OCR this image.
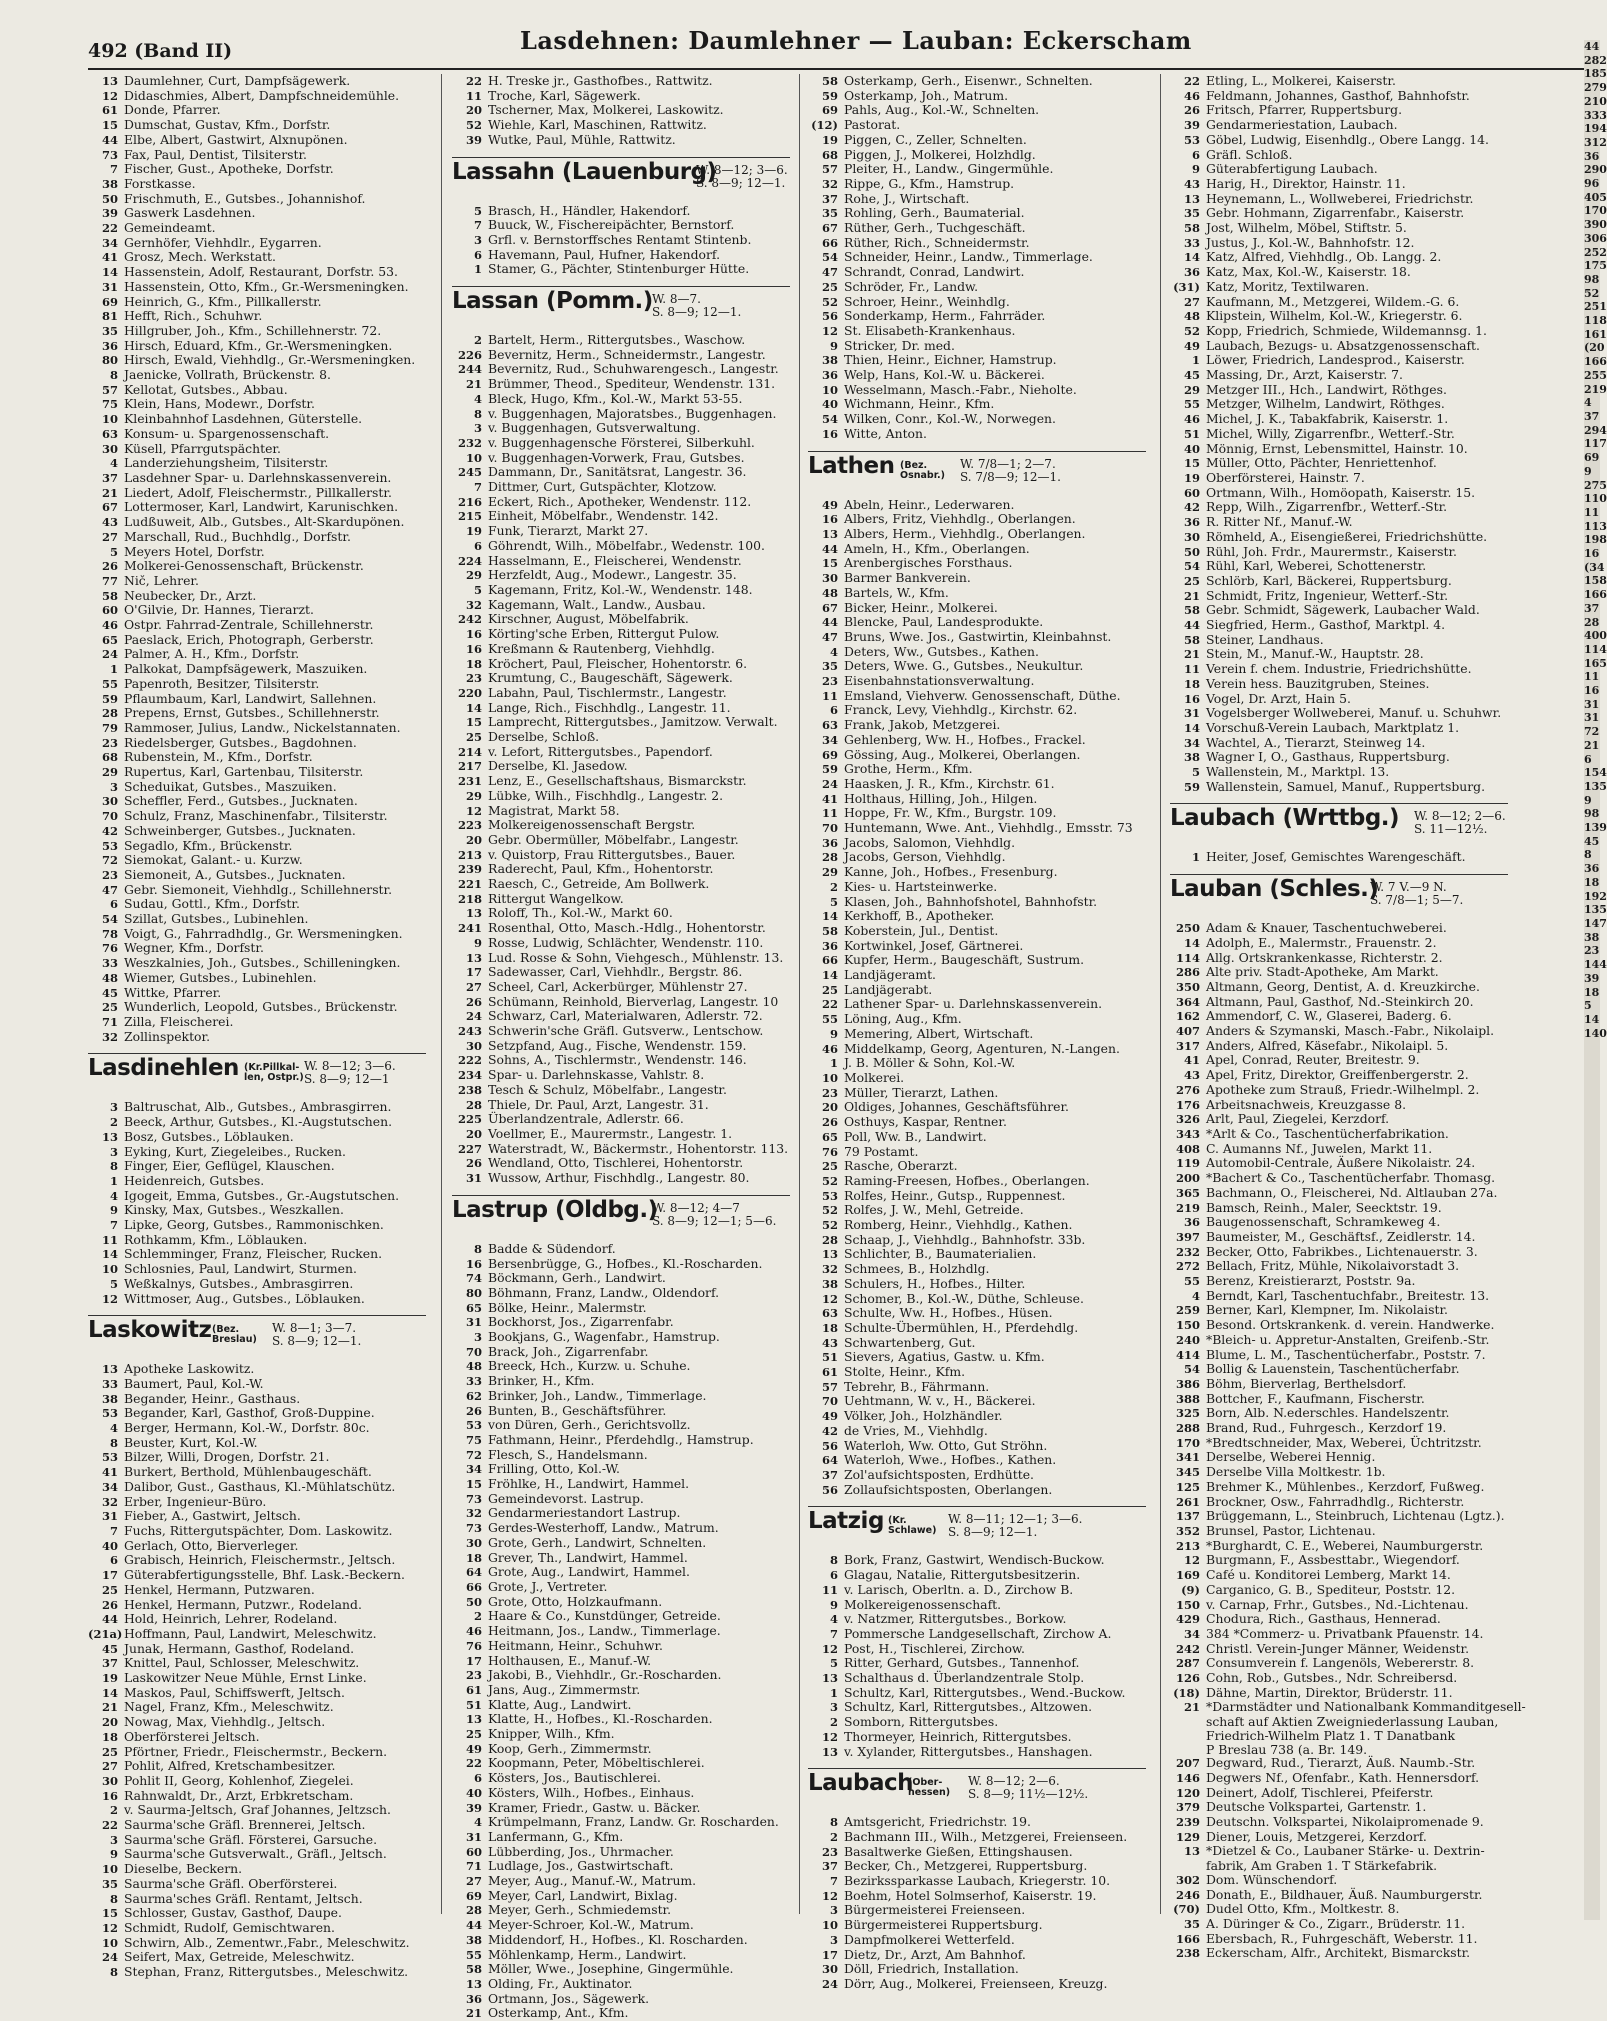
492 (Band II)	Lasdehnen: Daumlehner — Lauban: Eckerscham
13 Daumlehner, Curt, Dampfsägewerk.
12 Didaschmies, Albert, Dampfschneidemühle.
61 Donde, Pfarrer.
15 Dumschat, Gustav, Kfm., Dorfstr.
44 Elbe, Albert, Gastwirt, Alxnupönen.
73 Fax, Paul, Dentist, Tilsiterstr.
7 Fischer, Gust., Apotheke, Dorfstr.
38 Forstkasse.
50 Frischmuth, E., Gutsbes., Johannishof.
39 Gaswerk Lasdehnen.
22 Gemeindeamt.
34 Gernhöfer, Viehhdlr., Eygarren.
41 Grosz, Mech. Werkstatt.
14 Hassenstein, Adolf, Restaurant, Dorfstr. 53.
31 Hassenstein, Otto, Kfm., Gr.-Wersmeningken.
69 Heinrich, G., Kfm., Pillkallerstr.
81 Hefft, Rich., Schuhwr.
35 Hillgruber, Joh., Kfm., Schillehnerstr. 72.
36 Hirsch, Eduard, Kfm., Gr.-Wersmeningken.
80 Hirsch, Ewald, Viehhdlg., Gr.-Wersmeningken.
8 Jaenicke, Vollrath, Brückenstr. 8.
57 Kellotat, Gutsbes., Abbau.
75 Klein, Hans, Modewr., Dorfstr.
10 Kleinbahnhof Lasdehnen, Güterstelle.
63 Konsum- u. Spargenossenschaft.
30 Küsell, Pfarrgutspächter.
4 Landerziehungsheim, Tilsiterstr.
37 Lasdehner Spar- u. Darlehnskassenverein.
21 Liedert, Adolf, Fleischermstr., Pillkallerstr.
67 Lottermoser, Karl, Landwirt, Karunischken.
43 Ludßuweit, Alb., Gutsbes., Alt-Skardupönen.
27 Marschall, Rud., Buchhdlg., Dorfstr.
5 Meyers Hotel, Dorfstr.
26 Molkerei-Genossenschaft, Brückenstr.
77 Nič, Lehrer.
58 Neubecker, Dr., Arzt.
60 O'Gilvie, Dr. Hannes, Tierarzt.
46 Ostpr. Fahrrad-Zentrale, Schillehnerstr.
65 Paeslack, Erich, Photograph, Gerberstr.
24 Palmer, A. H., Kfm., Dorfstr.
1 Palkokat, Dampfsägewerk, Maszuiken.
55 Papenroth, Besitzer, Tilsiterstr.
59 Pflaumbaum, Karl, Landwirt, Sallehnen.
28 Prepens, Ernst, Gutsbes., Schillehnerstr.
79 Rammoser, Julius, Landw., Nickelstannaten.
23 Riedelsberger, Gutsbes., Bagdohnen.
68 Rubenstein, M., Kfm., Dorfstr.
29 Rupertus, Karl, Gartenbau, Tilsiterstr.
3 Scheduikat, Gutsbes., Maszuiken.
30 Scheffler, Ferd., Gutsbes., Jucknaten.
70 Schulz, Franz, Maschinenfabr., Tilsiterstr.
42 Schweinberger, Gutsbes., Jucknaten.
53 Segadlo, Kfm., Brückenstr.
72 Siemokat, Galant.- u. Kurzw.
23 Siemoneit, A., Gutsbes., Jucknaten.
47 Gebr. Siemoneit, Viehhdlg., Schillehnerstr.
6 Sudau, Gottl., Kfm., Dorfstr.
54 Szillat, Gutsbes., Lubinehlen.
78 Voigt, G., Fahrradhdlg., Gr. Wersmeningken.
76 Wegner, Kfm., Dorfstr.
33 Weszkalnies, Joh., Gutsbes., Schilleningken.
48 Wiemer, Gutsbes., Lubinehlen.
45 Wittke, Pfarrer.
25 Wunderlich, Leopold, Gutsbes., Brückenstr.
71 Zilla, Fleischerei.
32 Zollinspektor.
Lasdinehlen (Kr.Pillkal-
len, Ostpr.)
W. 8—12; 3—6.
S. 8—9; 12—1
3 Baltruschat, Alb., Gutsbes., Ambrasgirren.
2 Beeck, Arthur, Gutsbes., Kl.-Augstutschen.
13 Bosz, Gutsbes., Löblauken.
3 Eyking, Kurt, Ziegeleibes., Rucken.
8 Finger, Eier, Geflügel, Klauschen.
1 Heidenreich, Gutsbes.
4 Igogeit, Emma, Gutsbes., Gr.-Augstutschen.
9 Kinsky, Max, Gutsbes., Weszkallen.
7 Lipke, Georg, Gutsbes., Rammonischken.
11 Rothkamm, Kfm., Löblauken.
14 Schlemminger, Franz, Fleischer, Rucken.
10 Schlosnies, Paul, Landwirt, Sturmen.
5 Weßkalnys, Gutsbes., Ambrasgirren.
12 Wittmoser, Aug., Gutsbes., Löblauken.
Laskowitz (Bez.
Breslau)
W. 8—1; 3—7.
S. 8—9; 12—1.
13 Apotheke Laskowitz.
33 Baumert, Paul, Kol.-W.
38 Begander, Heinr., Gasthaus.
53 Begander, Karl, Gasthof, Groß-Duppine.
4 Berger, Hermann, Kol.-W., Dorfstr. 80c.
8 Beuster, Kurt, Kol.-W.
53 Bilzer, Willi, Drogen, Dorfstr. 21.
41 Burkert, Berthold, Mühlenbaugeschäft.
34 Dalibor, Gust., Gasthaus, Kl.-Mühlatschütz.
32 Erber, Ingenieur-Büro.
31 Fieber, A., Gastwirt, Jeltsch.
7 Fuchs, Rittergutspächter, Dom. Laskowitz.
40 Gerlach, Otto, Bierverleger.
6 Grabisch, Heinrich, Fleischermstr., Jeltsch.
17 Güterabfertigungsstelle, Bhf. Lask.-Beckern.
25 Henkel, Hermann, Putzwaren.
26 Henkel, Hermann, Putzwr., Rodeland.
44 Hold, Heinrich, Lehrer, Rodeland.
(21a) Hoffmann, Paul, Landwirt, Meleschwitz.
45 Junak, Hermann, Gasthof, Rodeland.
37 Knittel, Paul, Schlosser, Meleschwitz.
19 Laskowitzer Neue Mühle, Ernst Linke.
14 Maskos, Paul, Schiffswerft, Jeltsch.
21 Nagel, Franz, Kfm., Meleschwitz.
20 Nowag, Max, Viehhdlg., Jeltsch.
18 Oberförsterei Jeltsch.
25 Pförtner, Friedr., Fleischermstr., Beckern.
27 Pohlit, Alfred, Kretschambesitzer.
30 Pohlit II, Georg, Kohlenhof, Ziegelei.
16 Rahnwaldt, Dr., Arzt, Erbkretscham.
2 v. Saurma-Jeltsch, Graf Johannes, Jeltzsch.
22 Saurma'sche Gräfl. Brennerei, Jeltsch.
3 Saurma'sche Gräfl. Försterei, Garsuche.
9 Saurma'sche Gutsverwalt., Gräfl., Jeltsch.
10 Dieselbe, Beckern.
35 Saurma'sche Gräfl. Oberförsterei.
8 Saurma'sches Gräfl. Rentamt, Jeltsch.
15 Schlosser, Gustav, Gasthof, Daupe.
12 Schmidt, Rudolf, Gemischtwaren.
10 Schwirn, Alb., Zementwr.,Fabr., Meleschwitz.
24 Seifert, Max, Getreide, Meleschwitz.
8 Stephan, Franz, Rittergutsbes., Meleschwitz.
22 H. Treske jr., Gasthofbes., Rattwitz.
11 Troche, Karl, Sägewerk.
20 Tscherner, Max, Molkerei, Laskowitz.
52 Wiehle, Karl, Maschinen, Rattwitz.
39 Wutke, Paul, Mühle, Rattwitz.
Lassahn (Lauenburg)
W. 8—12; 3—6.
S. 8—9; 12—1.
5 Brasch, H., Händler, Hakendorf.
7 Buuck, W., Fischereipächter, Bernstorf.
3 Grfl. v. Bernstorffsches Rentamt Stintenb.
6 Havemann, Paul, Hufner, Hakendorf.
1 Stamer, G., Pächter, Stintenburger Hütte.
Lassan (Pomm.) W. 8—7.
S. 8—9; 12—1.
2 Bartelt, Herm., Rittergutsbes., Waschow.
226 Bevernitz, Herm., Schneidermstr., Langestr.
244 Bevernitz, Rud., Schuhwarengesch., Langestr.
21 Brümmer, Theod., Spediteur, Wendenstr. 131.
4 Bleck, Hugo, Kfm., Kol.-W., Markt 53-55.
8 v. Buggenhagen, Majoratsbes., Buggenhagen.
3 v. Buggenhagen, Gutsverwaltung.
232 v. Buggenhagensche Försterei, Silberkuhl.
10 v. Buggenhagen-Vorwerk, Frau, Gutsbes.
245 Dammann, Dr., Sanitätsrat, Langestr. 36.
7 Dittmer, Curt, Gutspächter, Klotzow.
216 Eckert, Rich., Apotheker, Wendenstr. 112.
215 Einheit, Möbelfabr., Wendenstr. 142.
19 Funk, Tierarzt, Markt 27.
6 Göhrendt, Wilh., Möbelfabr., Wedenstr. 100.
224 Hasselmann, E., Fleischerei, Wendenstr.
29 Herzfeldt, Aug., Modewr., Langestr. 35.
5 Kagemann, Fritz, Kol.-W., Wendenstr. 148.
32 Kagemann, Walt., Landw., Ausbau.
242 Kirschner, August, Möbelfabrik.
16 Körting'sche Erben, Rittergut Pulow.
16 Kreßmann & Rautenberg, Viehhdlg.
18 Kröchert, Paul, Fleischer, Hohentorstr. 6.
23 Krumtung, C., Baugeschäft, Sägewerk.
220 Labahn, Paul, Tischlermstr., Langestr.
14 Lange, Rich., Fischhdlg., Langestr. 11.
15 Lamprecht, Rittergutsbes., Jamitzow. Verwalt.
25 Derselbe, Schloß.
214 v. Lefort, Rittergutsbes., Papendorf.
217 Derselbe, Kl. Jasedow.
231 Lenz, E., Gesellschaftshaus, Bismarckstr.
29 Lübke, Wilh., Fischhdlg., Langestr. 2.
12 Magistrat, Markt 58.
223 Molkereigenossenschaft Bergstr.
20 Gebr. Obermüller, Möbelfabr., Langestr.
213 v. Quistorp, Frau Rittergutsbes., Bauer.
239 Raderecht, Paul, Kfm., Hohentorstr.
221 Raesch, C., Getreide, Am Bollwerk.
218 Rittergut Wangelkow.
13 Roloff, Th., Kol.-W., Markt 60.
241 Rosenthal, Otto, Masch.-Hdlg., Hohentorstr.
9 Rosse, Ludwig, Schlächter, Wendenstr. 110.
13 Lud. Rosse & Sohn, Viehgesch., Mühlenstr. 13.
17 Sadewasser, Carl, Viehhdlr., Bergstr. 86.
27 Scheel, Carl, Ackerbürger, Mühlenstr 27.
26 Schümann, Reinhold, Bierverlag, Langestr. 10
24 Schwarz, Carl, Materialwaren, Adlerstr. 72.
243 Schwerin'sche Gräfl. Gutsverw., Lentschow.
30 Setzpfand, Aug., Fische, Wendenstr. 159.
222 Sohns, A., Tischlermstr., Wendenstr. 146.
234 Spar- u. Darlehnskasse, Vahlstr. 8.
238 Tesch & Schulz, Möbelfabr., Langestr.
28 Thiele, Dr. Paul, Arzt, Langestr. 31.
225 Überlandzentrale, Adlerstr. 66.
20 Voellmer, E., Maurermstr., Langestr. 1.
227 Waterstradt, W., Bäckermstr., Hohentorstr. 113.
26 Wendland, Otto, Tischlerei, Hohentorstr.
31 Wussow, Arthur, Fischhdlg., Langestr. 80.
Lastrup (Oldbg.)
W. 8—12; 4—7
S. 8—9; 12—1; 5—6.
8 Badde & Südendorf.
16 Bersenbrügge, G., Hofbes., Kl.-Roscharden.
74 Böckmann, Gerh., Landwirt.
80 Böhmann, Franz, Landw., Oldendorf.
65 Bölke, Heinr., Malermstr.
31 Bockhorst, Jos., Zigarrenfabr.
3 Bookjans, G., Wagenfabr., Hamstrup.
70 Brack, Joh., Zigarrenfabr.
48 Breeck, Hch., Kurzw. u. Schuhe.
33 Brinker, H., Kfm.
62 Brinker, Joh., Landw., Timmerlage.
26 Bunten, B., Geschäftsführer.
53 von Düren, Gerh., Gerichtsvollz.
75 Fathmann, Heinr., Pferdehdlg., Hamstrup.
72 Flesch, S., Handelsmann.
34 Frilling, Otto, Kol.-W.
15 Fröhlke, H., Landwirt, Hammel.
73 Gemeindevorst. Lastrup.
32 Gendarmeriestandort Lastrup.
73 Gerdes-Westerhoff, Landw., Matrum.
30 Grote, Gerh., Landwirt, Schnelten.
18 Grever, Th., Landwirt, Hammel.
64 Grote, Aug., Landwirt, Hammel.
66 Grote, J., Vertreter.
50 Grote, Otto, Holzkaufmann.
2 Haare & Co., Kunstdünger, Getreide.
46 Heitmann, Jos., Landw., Timmerlage.
76 Heitmann, Heinr., Schuhwr.
17 Holthausen, E., Manuf.-W.
23 Jakobi, B., Viehhdlr., Gr.-Roscharden.
61 Jans, Aug., Zimmermstr.
51 Klatte, Aug., Landwirt.
13 Klatte, H., Hofbes., Kl.-Roscharden.
25 Knipper, Wilh., Kfm.
49 Koop, Gerh., Zimmermstr.
22 Koopmann, Peter, Möbeltischlerei.
6 Kösters, Jos., Bautischlerei.
40 Kösters, Wilh., Hofbes., Einhaus.
39 Kramer, Friedr., Gastw. u. Bäcker.
4 Krümpelmann, Franz, Landw. Gr. Roscharden.
31 Lanfermann, G., Kfm.
60 Lübberding, Jos., Uhrmacher.
71 Ludlage, Jos., Gastwirtschaft.
27 Meyer, Aug., Manuf.-W., Matrum.
69 Meyer, Carl, Landwirt, Bixlag.
28 Meyer, Gerh., Schmiedemstr.
44 Meyer-Schroer, Kol.-W., Matrum.
38 Middendorf, H., Hofbes., Kl. Roscharden.
55 Möhlenkamp, Herm., Landwirt.
58 Möller, Wwe., Josephine, Gingermühle.
13 Olding, Fr., Auktinator.
36 Ortmann, Jos., Sägewerk.
21 Osterkamp, Ant., Kfm.
58 Osterkamp, Gerh., Eisenwr., Schnelten.
59 Osterkamp, Joh., Matrum.
69 Pahls, Aug., Kol.-W., Schnelten.
(12) Pastorat.
19 Piggen, C., Zeller, Schnelten.
68 Piggen, J., Molkerei, Holzhdlg.
57 Pleiter, H., Landw., Gingermühle.
32 Rippe, G., Kfm., Hamstrup.
37 Rohe, J., Wirtschaft.
35 Rohling, Gerh., Baumaterial.
67 Rüther, Gerh., Tuchgeschäft.
66 Rüther, Rich., Schneidermstr.
54 Schneider, Heinr., Landw., Timmerlage.
47 Schrandt, Conrad, Landwirt.
25 Schröder, Fr., Landw.
52 Schroer, Heinr., Weinhdlg.
56 Sonderkamp, Herm., Fahrräder.
12 St. Elisabeth-Krankenhaus.
9 Stricker, Dr. med.
38 Thien, Heinr., Eichner, Hamstrup.
36 Welp, Hans, Kol.-W. u. Bäckerei.
10 Wesselmann, Masch.-Fabr., Nieholte.
40 Wichmann, Heinr., Kfm.
54 Wilken, Conr., Kol.-W., Norwegen.
16 Witte, Anton.
Lathen (Bez.
Osnabr.)
W. 7/8—1; 2—7.
S. 7/8—9; 12—1.
49 Abeln, Heinr., Lederwaren.
16 Albers, Fritz, Viehhdlg., Oberlangen.
13 Albers, Herm., Viehhdlg., Oberlangen.
44 Ameln, H., Kfm., Oberlangen.
15 Arenbergisches Forsthaus.
30 Barmer Bankverein.
48 Bartels, W., Kfm.
67 Bicker, Heinr., Molkerei.
44 Blencke, Paul, Landesprodukte.
47 Bruns, Wwe. Jos., Gastwirtin, Kleinbahnst.
4 Deters, Ww., Gutsbes., Kathen.
35 Deters, Wwe. G., Gutsbes., Neukultur.
23 Eisenbahnstationsverwaltung.
11 Emsland, Viehverw. Genossenschaft, Düthe.
6 Franck, Levy, Viehhdlg., Kirchstr. 62.
63 Frank, Jakob, Metzgerei.
34 Gehlenberg, Ww. H., Hofbes., Frackel.
69 Gössing, Aug., Molkerei, Oberlangen.
59 Grothe, Herm., Kfm.
24 Haasken, J. R., Kfm., Kirchstr. 61.
41 Holthaus, Hilling, Joh., Hilgen.
11 Hoppe, Fr. W., Kfm., Burgstr. 109.
70 Huntemann, Wwe. Ant., Viehhdlg., Emsstr. 73
36 Jacobs, Salomon, Viehhdlg.
28 Jacobs, Gerson, Viehhdlg.
29 Kanne, Joh., Hofbes., Fresenburg.
2 Kies- u. Hartsteinwerke.
5 Klasen, Joh., Bahnhofshotel, Bahnhofstr.
14 Kerkhoff, B., Apotheker.
58 Koberstein, Jul., Dentist.
36 Kortwinkel, Josef, Gärtnerei.
66 Kupfer, Herm., Baugeschäft, Sustrum.
14 Landjägeramt.
25 Landjägerabt.
22 Lathener Spar- u. Darlehnskassenverein.
55 Löning, Aug., Kfm.
9 Memering, Albert, Wirtschaft.
46 Middelkamp, Georg, Agenturen, N.-Langen.
1 J. B. Möller & Sohn, Kol.-W.
10 Molkerei.
23 Müller, Tierarzt, Lathen.
20 Oldiges, Johannes, Geschäftsführer.
26 Osthuys, Kaspar, Rentner.
65 Poll, Ww. B., Landwirt.
76 79 Postamt.
25 Rasche, Oberarzt.
52 Raming-Freesen, Hofbes., Oberlangen.
53 Rolfes, Heinr., Gutsp., Ruppennest.
52 Rolfes, J. W., Mehl, Getreide.
52 Romberg, Heinr., Viehhdlg., Kathen.
28 Schaap, J., Viehhdlg., Bahnhofstr. 33b.
13 Schlichter, B., Baumaterialien.
32 Schmees, B., Holzhdlg.
38 Schulers, H., Hofbes., Hilter.
12 Schomer, B., Kol.-W., Düthe, Schleuse.
63 Schulte, Ww. H., Hofbes., Hüsen.
18 Schulte-Übermühlen, H., Pferdehdlg.
43 Schwartenberg, Gut.
51 Sievers, Agatius, Gastw. u. Kfm.
61 Stolte, Heinr., Kfm.
57 Tebrehr, B., Fährmann.
70 Uehtmann, W. v., H., Bäckerei.
49 Völker, Joh., Holzhändler.
42 de Vries, M., Viehhdlg.
56 Waterloh, Ww. Otto, Gut Ströhn.
64 Waterloh, Wwe., Hofbes., Kathen.
37 Zol'aufsichtsposten, Erdhütte.
56 Zollaufsichtsposten, Oberlangen.
Latzig (Kr.
Schlawe)
W. 8—11; 12—1; 3—6.
S. 8—9; 12—1.
8 Bork, Franz, Gastwirt, Wendisch-Buckow.
6 Glagau, Natalie, Rittergutsbesitzerin.
11 v. Larisch, Oberltn. a. D., Zirchow B.
9 Molkereigenossenschaft.
4 v. Natzmer, Rittergutsbes., Borkow.
7 Pommersche Landgesellschaft, Zirchow A.
12 Post, H., Tischlerei, Zirchow.
5 Ritter, Gerhard, Gutsbes., Tannenhof.
13 Schalthaus d. Überlandzentrale Stolp.
1 Schultz, Karl, Rittergutsbes., Wend.-Buckow.
3 Schultz, Karl, Rittergutsbes., Altzowen.
2 Somborn, Rittergutsbes.
12 Thormeyer, Heinrich, Rittergutsbes.
13 v. Xylander, Rittergutsbes., Hanshagen.
Laubach
(Ober-
hessen)
W. 8—12; 2—6.
S. 8—9; 11½—12½.
8 Amtsgericht, Friedrichstr. 19.
2 Bachmann III., Wilh., Metzgerei, Freienseen.
23 Basaltwerke Gießen, Ettingshausen.
37 Becker, Ch., Metzgerei, Ruppertsburg.
7 Bezirkssparkasse Laubach, Kriegerstr. 10.
12 Boehm, Hotel Solmserhof, Kaiserstr. 19.
3 Bürgermeisterei Freienseen.
10 Bürgermeisterei Ruppertsburg.
3 Dampfmolkerei Wetterfeld.
17 Dietz, Dr., Arzt, Am Bahnhof.
30 Döll, Friedrich, Installation.
24 Dörr, Aug., Molkerei, Freienseen, Kreuzg.
22 Etling, L., Molkerei, Kaiserstr.
46 Feldmann, Johannes, Gasthof, Bahnhofstr.
26 Fritsch, Pfarrer, Ruppertsburg.
39 Gendarmeriestation, Laubach.
53 Göbel, Ludwig, Eisenhdlg., Obere Langg. 14.
6 Gräfl. Schloß.
9 Güterabfertigung Laubach.
43 Harig, H., Direktor, Hainstr. 11.
13 Heynemann, L., Wollweberei, Friedrichstr.
35 Gebr. Hohmann, Zigarrenfabr., Kaiserstr.
58 Jost, Wilhelm, Möbel, Stiftstr. 5.
33 Justus, J., Kol.-W., Bahnhofstr. 12.
14 Katz, Alfred, Viehhdlg., Ob. Langg. 2.
36 Katz, Max, Kol.-W., Kaiserstr. 18.
(31) Katz, Moritz, Textilwaren.
27 Kaufmann, M., Metzgerei, Wildem.-G. 6.
48 Klipstein, Wilhelm, Kol.-W., Kriegerstr. 6.
52 Kopp, Friedrich, Schmiede, Wildemannsg. 1.
49 Laubach, Bezugs- u. Absatzgenossenschaft.
1 Löwer, Friedrich, Landesprod., Kaiserstr.
45 Massing, Dr., Arzt, Kaiserstr. 7.
29 Metzger III., Hch., Landwirt, Röthges.
55 Metzger, Wilhelm, Landwirt, Röthges.
46 Michel, J. K., Tabakfabrik, Kaiserstr. 1.
51 Michel, Willy, Zigarrenfbr., Wetterf.-Str.
40 Mönnig, Ernst, Lebensmittel, Hainstr. 10.
15 Müller, Otto, Pächter, Henriettenhof.
19 Oberförsterei, Hainstr. 7.
60 Ortmann, Wilh., Homöopath, Kaiserstr. 15.
42 Repp, Wilh., Zigarrenfbr., Wetterf.-Str.
36 R. Ritter Nf., Manuf.-W.
30 Römheld, A., Eisengießerei, Friedrichshütte.
50 Rühl, Joh. Frdr., Maurermstr., Kaiserstr.
54 Rühl, Karl, Weberei, Schottenerstr.
25 Schlörb, Karl, Bäckerei, Ruppertsburg.
21 Schmidt, Fritz, Ingenieur, Wetterf.-Str.
58 Gebr. Schmidt, Sägewerk, Laubacher Wald.
44 Siegfried, Herm., Gasthof, Marktpl. 4.
58 Steiner, Landhaus.
21 Stein, M., Manuf.-W., Hauptstr. 28.
11 Verein f. chem. Industrie, Friedrichshütte.
18 Verein hess. Bauzitgruben, Steines.
16 Vogel, Dr. Arzt, Hain 5.
31 Vogelsberger Wollweberei, Manuf. u. Schuhwr.
14 Vorschuß-Verein Laubach, Marktplatz 1.
34 Wachtel, A., Tierarzt, Steinweg 14.
38 Wagner I, O., Gasthaus, Ruppertsburg.
5 Wallenstein, M., Marktpl. 13.
59 Wallenstein, Samuel, Manuf., Ruppertsburg.
Laubach (Wrttbg.) W. 8—12; 2—6.
S. 11—12½.
1 Heiter, Josef, Gemischtes Warengeschäft.
Lauban (Schles.)
W. 7 V.—9 N.
S. 7/8—1; 5—7.
250 Adam & Knauer, Taschentuchweberei.
14 Adolph, E., Malermstr., Frauenstr. 2.
114 Allg. Ortskrankenkasse, Richterstr. 2.
286 Alte priv. Stadt-Apotheke, Am Markt.
350 Altmann, Georg, Dentist, A. d. Kreuzkirche.
364 Altmann, Paul, Gasthof, Nd.-Steinkirch 20.
162 Ammendorf, C. W., Glaserei, Baderg. 6.
407 Anders & Szymanski, Masch.-Fabr., Nikolaipl.
317 Anders, Alfred, Käsefabr., Nikolaipl. 5.
41 Apel, Conrad, Reuter, Breitestr. 9.
43 Apel, Fritz, Direktor, Greiffenbergerstr. 2.
276 Apotheke zum Strauß, Friedr.-Wilhelmpl. 2.
176 Arbeitsnachweis, Kreuzgasse 8.
326 Arlt, Paul, Ziegelei, Kerzdorf.
343 *Arlt & Co., Taschentücherfabrikation.
408 C. Aumanns Nf., Juwelen, Markt 11.
119 Automobil-Centrale, Äußere Nikolaistr. 24.
200 *Bachert & Co., Taschentücherfabr. Thomasg.
365 Bachmann, O., Fleischerei, Nd. Altlauban 27a.
219 Bamsch, Reinh., Maler, Seecktstr. 19.
36 Baugenossenschaft, Schramkeweg 4.
397 Baumeister, M., Geschäftsf., Zeidlerstr. 14.
232 Becker, Otto, Fabrikbes., Lichtenauerstr. 3.
272 Bellach, Fritz, Mühle, Nikolaivorstadt 3.
55 Berenz, Kreistierarzt, Poststr. 9a.
4 Berndt, Karl, Taschentuchfabr., Breitestr. 13.
259 Berner, Karl, Klempner, Im. Nikolaistr.
150 Besond. Ortskrankenk. d. verein. Handwerke.
240 *Bleich- u. Appretur-Anstalten, Greifenb.-Str.
414 Blume, L. M., Taschentücherfabr., Poststr. 7.
54 Bollig & Lauenstein, Taschentücherfabr.
386 Böhm, Bierverlag, Berthelsdorf.
388 Bottcher, F., Kaufmann, Fischerstr.
325 Born, Alb. N.ederschles. Handelszentr.
288 Brand, Rud., Fuhrgesch., Kerzdorf 19.
170 *Bredtschneider, Max, Weberei, Üchtritzstr.
341 Derselbe, Weberei Hennig.
345 Derselbe Villa Moltkestr. 1b.
125 Brehmer K., Mühlenbes., Kerzdorf, Fußweg.
261 Brockner, Osw., Fahrradhdlg., Richterstr.
137 Brüggemann, L., Steinbruch, Lichtenau (Lgtz.).
352 Brunsel, Pastor, Lichtenau.
213 *Burghardt, C. E., Weberei, Naumburgerstr.
12 Burgmann, F., Assbesttabr., Wiegendorf.
169 Café u. Konditorei Lemberg, Markt 14.
(9) Carganico, G. B., Spediteur, Poststr. 12.
150 v. Carnap, Frhr., Gutsbes., Nd.-Lichtenau.
429 Chodura, Rich., Gasthaus, Hennerad.
34 384 *Commerz- u. Privatbank Pfauenstr. 14.
242 Christl. Verein-Junger Männer, Weidenstr.
287 Consumverein f. Langenöls, Webererstr. 8.
126 Cohn, Rob., Gutsbes., Ndr. Schreibersd.
(18) Dähne, Martin, Direktor, Brüderstr. 11.
21 *Darmstädter und Nationalbank Kommanditgesell-
schaft auf Aktien Zweigniederlassung Lauban,
Friedrich-Wilhelm Platz 1. T Danatbank
P Breslau 738 (a. Br. 149.
207 Degward, Rud., Tierarzt, Äuß. Naumb.-Str.
146 Degwers Nf., Ofenfabr., Kath. Hennersdorf.
120 Deinert, Adolf, Tischlerei, Pfeiferstr.
379 Deutsche Volkspartei, Gartenstr. 1.
239 Deutschn. Volkspartei, Nikolaipromenade 9.
129 Diener, Louis, Metzgerei, Kerzdorf.
13 *Dietzel & Co., Laubaner Stärke- u. Dextrin-
fabrik, Am Graben 1. T Stärkefabrik.
302 Dom. Wünschendorf.
246 Donath, E., Bildhauer, Äuß. Naumburgerstr.
(70) Dudel Otto, Kfm., Moltkestr. 8.
35 A. Düringer & Co., Zigarr., Brüderstr. 11.
166 Ebersbach, R., Fuhrgeschäft, Weberstr. 11.
238 Eckerscham, Alfr., Architekt, Bismarckstr.
44
282
185
279
210
333
194
312
36
290
96
405
170
390
306
252
175
98
52
251
118
161
(20
166
255
219
4
37
294
117
69
9
275
110
11
113
198
16
(34
158
166
37
28
400
114
165
11
16
31
31
72
21
6
154
135
9
98
139
45
8
36
18
192
135
147
38
23
144
39
18
5
14
140
